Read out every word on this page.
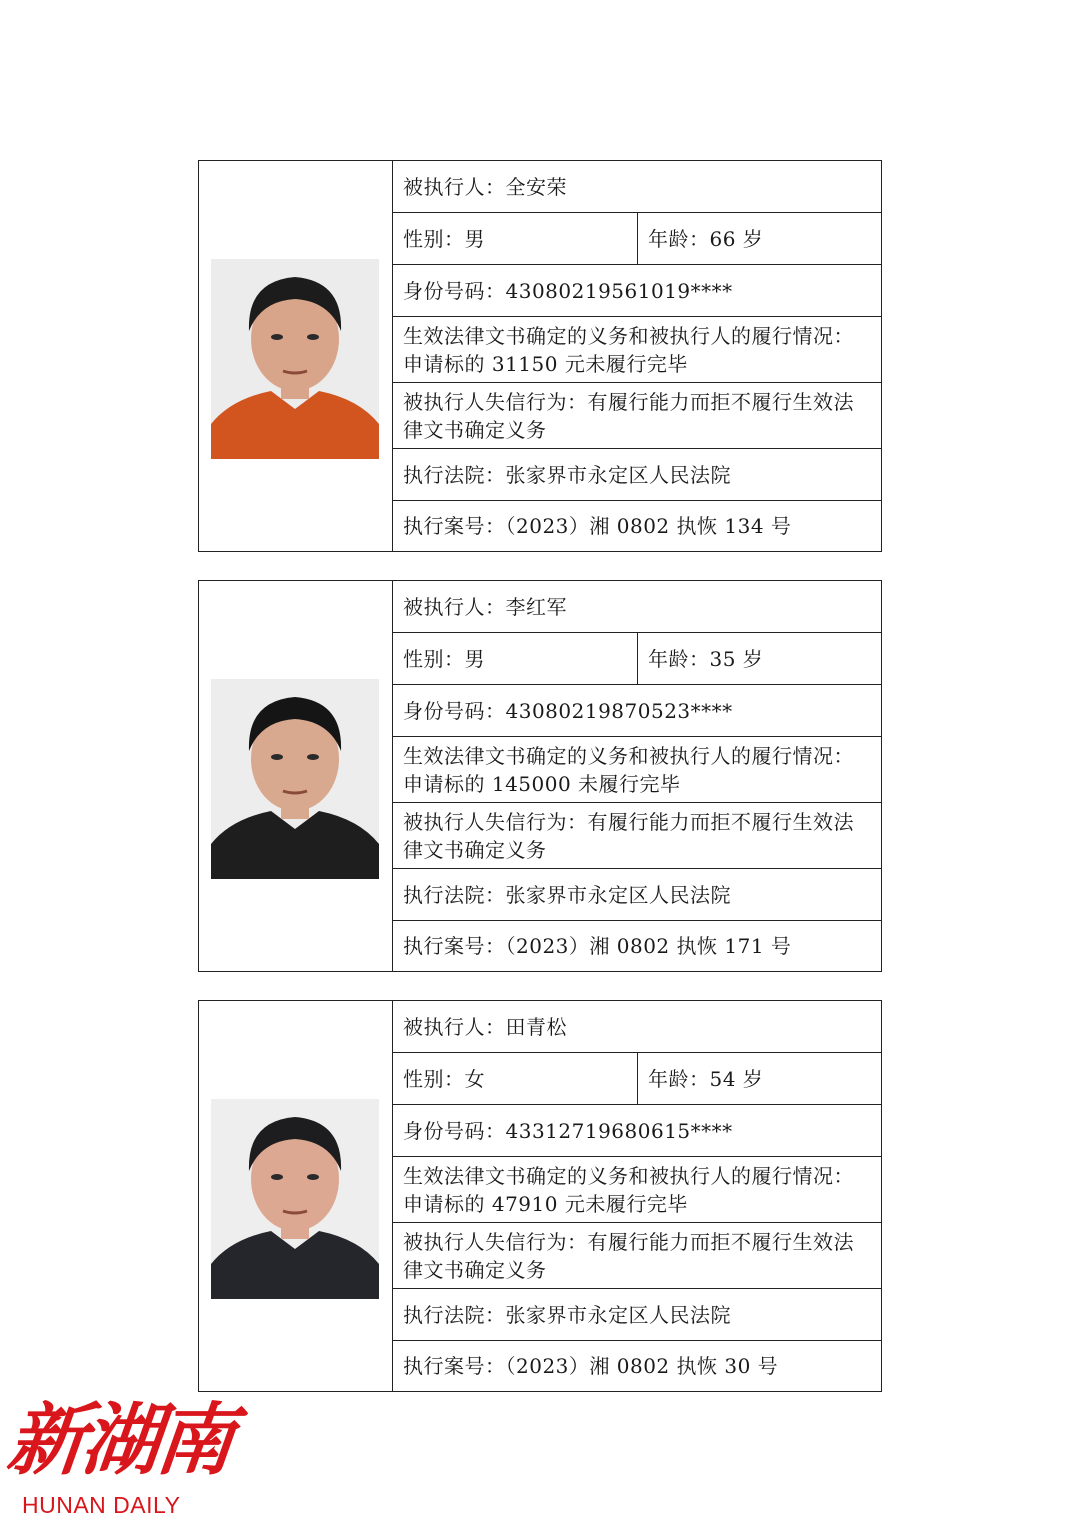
被执行人：全安荣
性别：男	年龄：66 岁
身份号码：43080219561019****
生效法律文书确定的义务和被执行人的履行情况：申请标的 31150 元未履行完毕
被执行人失信行为：有履行能力而拒不履行生效法律文书确定义务
执行法院：张家界市永定区人民法院
执行案号：（2023）湘 0802 执恢 134 号
被执行人：李红军
性别：男	年龄：35 岁
身份号码：43080219870523****
生效法律文书确定的义务和被执行人的履行情况：申请标的 145000 未履行完毕
被执行人失信行为：有履行能力而拒不履行生效法律文书确定义务
执行法院：张家界市永定区人民法院
执行案号：（2023）湘 0802 执恢 171 号
被执行人：田青松
性别：女	年龄：54 岁
身份号码：43312719680615****
生效法律文书确定的义务和被执行人的履行情况：申请标的 47910 元未履行完毕
被执行人失信行为：有履行能力而拒不履行生效法律文书确定义务
执行法院：张家界市永定区人民法院
执行案号：（2023）湘 0802 执恢 30 号
新湖南
HUNAN DAILY
